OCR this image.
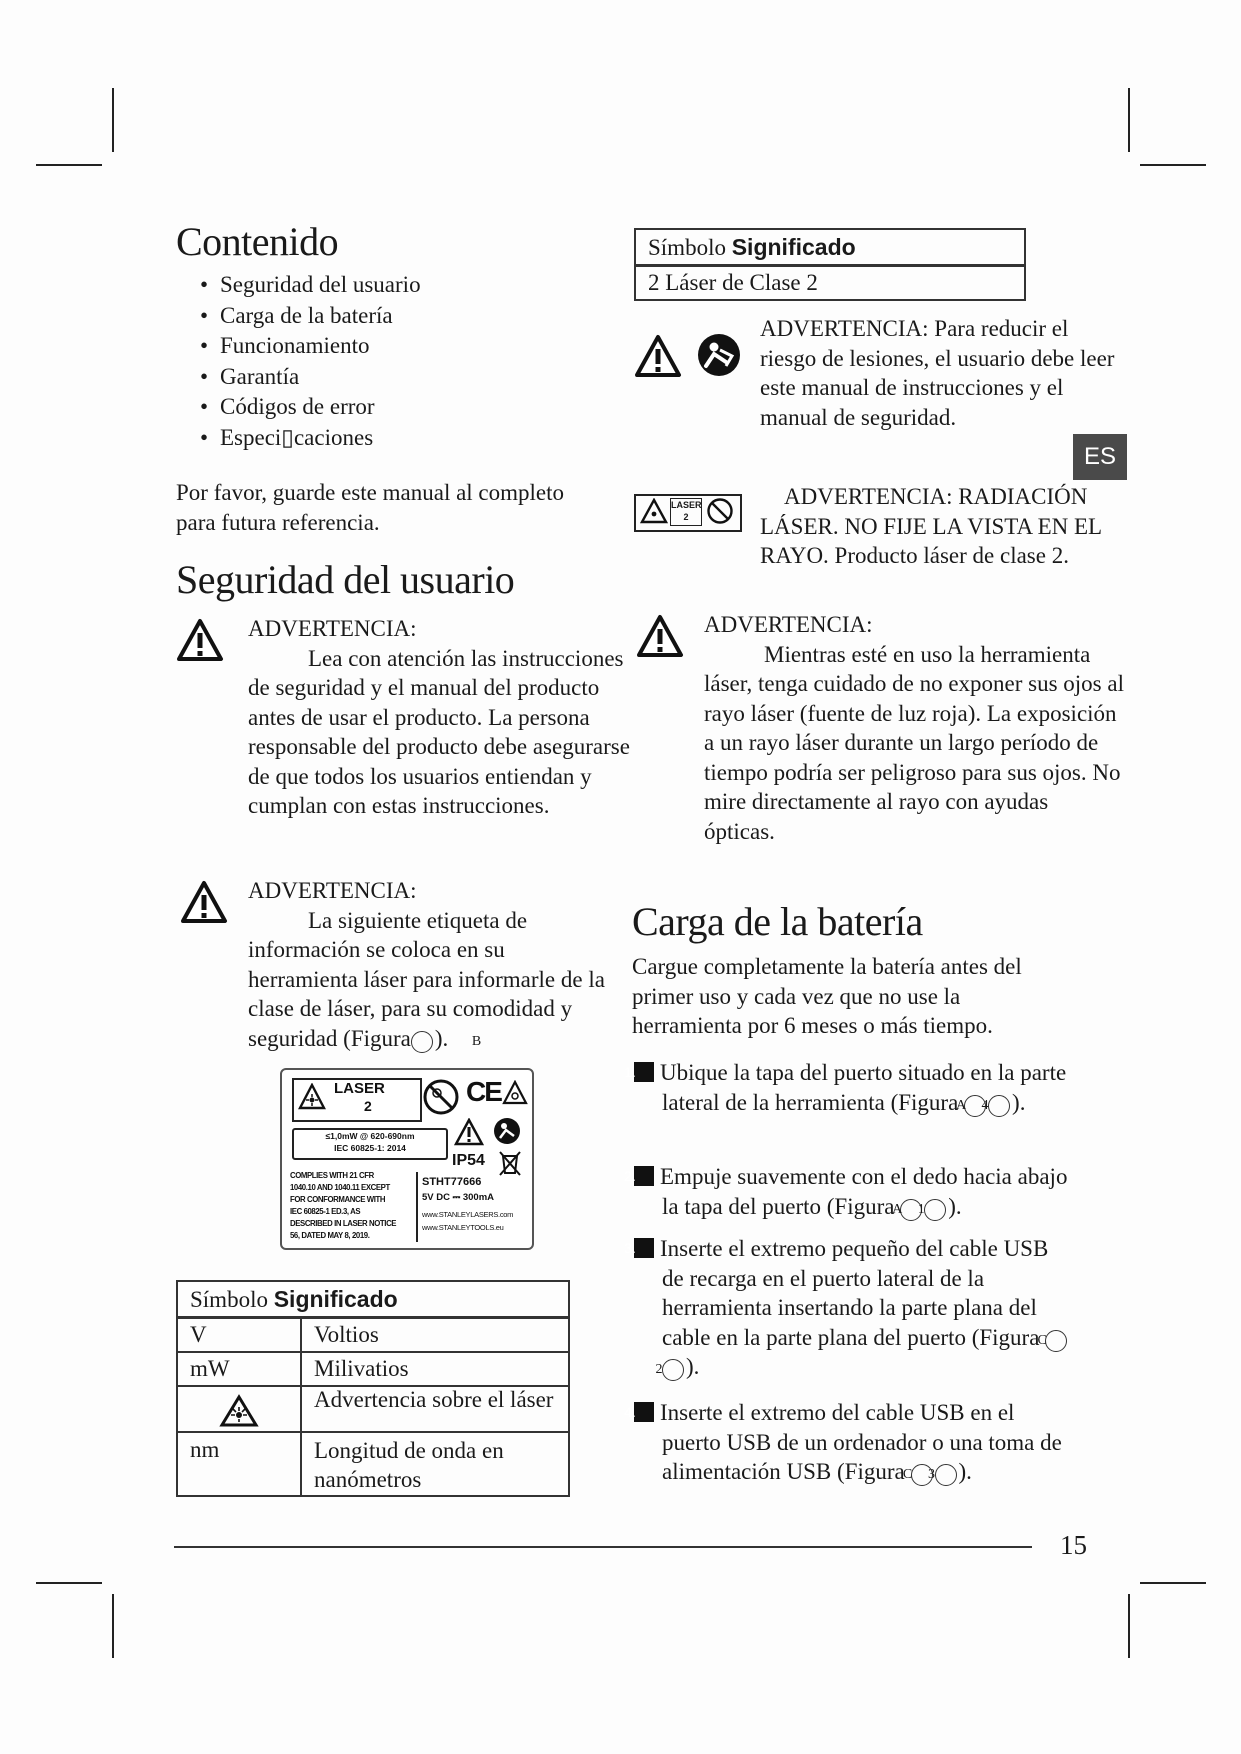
Contenido
• Seguridad del usuario
• Carga de la batería
• Funcionamiento
• Garantía
• Códigos de error
• Especi▯caciones
Por favor, guarde este manual al completo
para futura referencia.
Seguridad del usuario
ADVERTENCIA:
Lea con atención las instrucciones de seguridad y el manual del producto antes de usar el producto. La persona responsable del producto debe asegurarse de que todos los usuarios entiendan y cumplan con estas instrucciones.
ADVERTENCIA:
La siguiente etiqueta de información se coloca en su herramienta láser para informarle de la clase de láser, para su comodidad y seguridad (Figura	B).
LASER
2	CE
≤1,0mW @ 620-690nm
IEC 60825-1: 2014
IP54
COMPLIES WITH 21 CFR
1040.10 AND 1040.11 EXCEPT
FOR CONFORMANCE WITH
IEC 60825-1 ED.3, AS
DESCRIBED IN LASER NOTICE
56, DATED MAY 8, 2019.
STHT77666
5V DC ⎓ 300mA
www.STANLEYLASERS.com
www.STANLEYTOOLS.eu
Símbolo Significado	
V	Voltios
mW	Milivatios

	Advertencia sobre el láser
nm	Longitud de onda en nanómetros
Símbolo Significado
2 Láser de Clase 2
ADVERTENCIA: Para reducir el riesgo de lesiones, el usuario debe leer este manual de instrucciones y el manual de seguridad.
ES
LASER
2
ADVERTENCIA: RADIACIÓN LÁSER. NO FIJE LA VISTA EN EL RAYO. Producto láser de clase 2.
ADVERTENCIA:
Mientras esté en uso la herramienta láser, tenga cuidado de no exponer sus ojos al rayo láser (fuente de luz roja). La exposición a un rayo láser durante un largo período de tiempo podría ser peligroso para sus ojos. No mire directamente al rayo con ayudas ópticas.
Carga de la batería
Cargue completamente la batería antes del primer uso y cada vez que no use la herramienta por 6 meses o más tiempo.
1. Ubique la tapa del puerto situado en la parte lateral de la herramienta (Figura A 4 ).
2. Empuje suavemente con el dedo hacia abajo la tapa del puerto (Figura A 1 ).
3. Inserte el extremo pequeño del cable USB de recarga en el puerto lateral de la herramienta insertando la parte plana del cable en la parte plana del puerto (Figura C2 ).
4. Inserte el extremo del cable USB en el puerto USB de un ordenador o una toma de alimentación USB (Figura C 3 ).
15
